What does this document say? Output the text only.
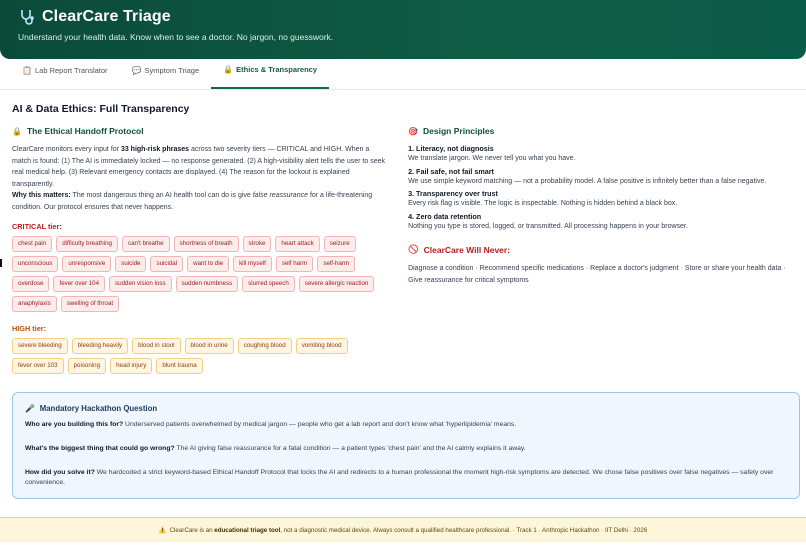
ClearCare Triage
Understand your health data. Know when to see a doctor. No jargon, no guesswork.
📋 Lab Report Translator	💬 Symptom Triage	🔒 Ethics & Transparency
AI & Data Ethics: Full Transparency
🔒 The Ethical Handoff Protocol

ClearCare monitors every input for 33 high-risk phrases across two severity tiers — CRITICAL and HIGH. When a match is found: (1) The AI is immediately locked — no response generated. (2) A high-visibility alert tells the user to seek real medical help. (3) Relevant emergency contacts are displayed. (4) The reason for the lockout is explained transparently.

Why this matters: The most dangerous thing an AI health tool can do is give false reassurance for a life-threatening condition. Our protocol ensures that never happens.

CRITICAL tier:
chest pain	difficulty breathing	can't breathe	shortness of breath	stroke	heart attack	seizure
unconscious	unresponsive	suicide	suicidal	want to die	kill myself	self harm	self-harm
overdose	fever over 104	sudden vision loss	sudden numbness	slurred speech	severe allergic reaction
anaphylaxis	swelling of throat
HIGH tier:
severe bleeding	bleeding heavily	blood in stool	blood in urine	coughing blood	vomiting blood
fever over 103	poisoning	head injury	blunt trauma
🎯 Design Principles
1. Literacy, not diagnosis
We translate jargon. We never tell you what you have.
2. Fail safe, not fail smart
We use simple keyword matching — not a probability model. A false positive is infinitely better than a false negative.
3. Transparency over trust
Every risk flag is visible. The logic is inspectable. Nothing is hidden behind a black box.
4. Zero data retention
Nothing you type is stored, logged, or transmitted. All processing happens in your browser.
🚫 ClearCare Will Never:
Diagnose a condition · Recommend specific medications · Replace a doctor's judgment · Store or share your health data · Give reassurance for critical symptoms
🎤 Mandatory Hackathon Question
Who are you building this for? Underserved patients overwhelmed by medical jargon — people who get a lab report and don't know what 'hyperlipidemia' means.
What's the biggest thing that could go wrong? The AI giving false reassurance for a fatal condition — a patient types 'chest pain' and the AI calmly explains it away.
How did you solve it? We hardcoded a strict keyword-based Ethical Handoff Protocol that locks the AI and redirects to a human professional the moment high-risk symptoms are detected. We chose false positives over false negatives — safety over convenience.
⚠️ ClearCare is an educational triage tool, not a diagnostic medical device. Always consult a qualified healthcare professional. · Track 1 · Anthropic Hackathon · IIT Delhi · 2026
